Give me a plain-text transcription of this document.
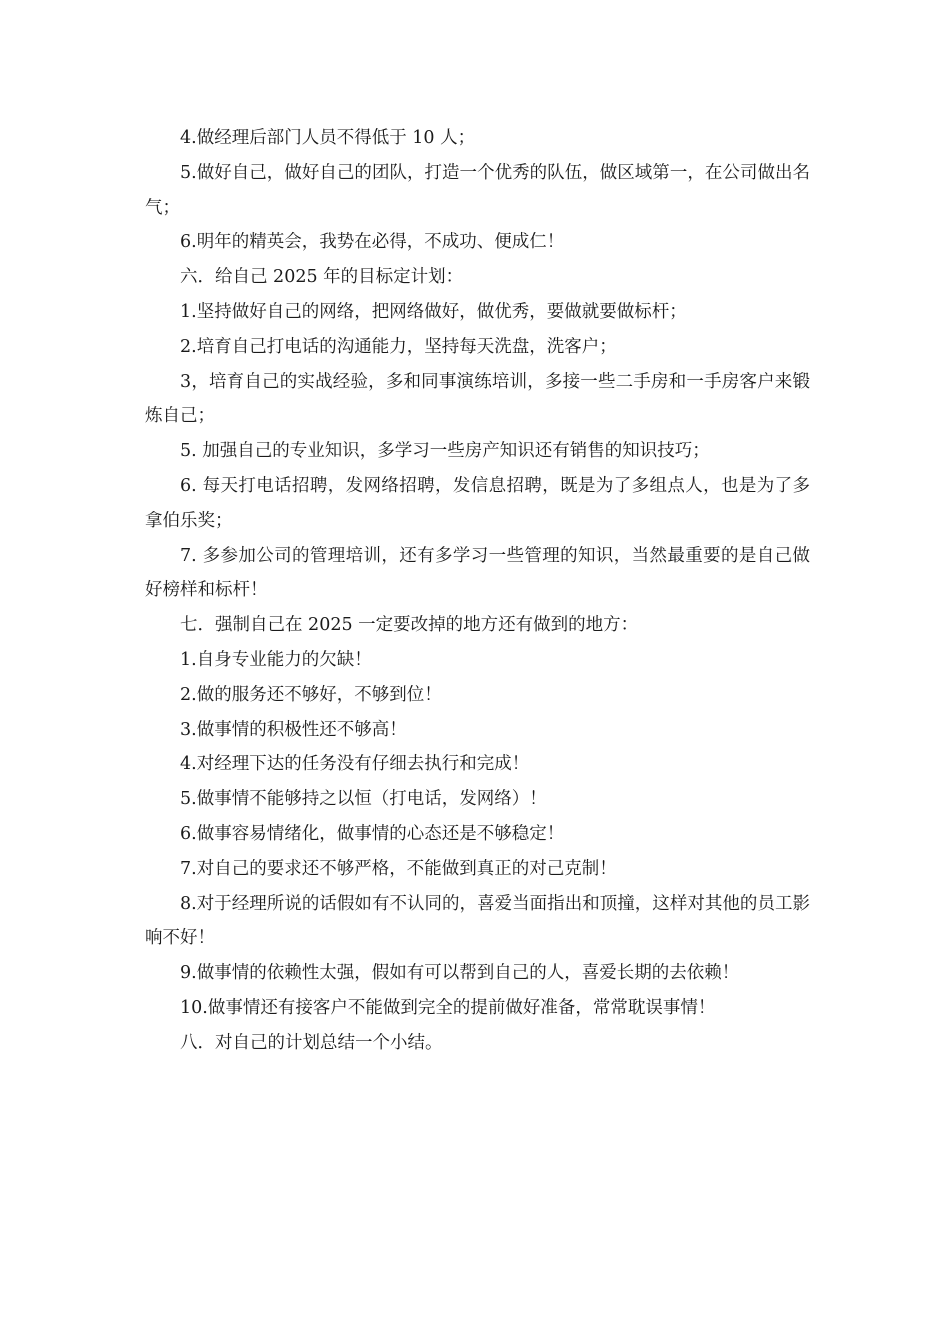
4.做经理后部门人员不得低于 10 人；

5.做好自己，做好自己的团队，打造一个优秀的队伍，做区域第一，在公司做出名气；

6.明年的精英会，我势在必得，不成功、便成仁！

六．给自己 2025 年的目标定计划：

1.坚持做好自己的网络，把网络做好，做优秀，要做就要做标杆；

2.培育自己打电话的沟通能力，坚持每天洗盘，洗客户；

3，培育自己的实战经验，多和同事演练培训，多接一些二手房和一手房客户来锻炼自己；

5. 加强自己的专业知识，多学习一些房产知识还有销售的知识技巧；

6. 每天打电话招聘，发网络招聘，发信息招聘，既是为了多组点人，也是为了多拿伯乐奖；

7. 多参加公司的管理培训，还有多学习一些管理的知识，当然最重要的是自己做好榜样和标杆！

七．强制自己在 2025 一定要改掉的地方还有做到的地方：

1.自身专业能力的欠缺！

2.做的服务还不够好，不够到位！

3.做事情的积极性还不够高！

4.对经理下达的任务没有仔细去执行和完成！

5.做事情不能够持之以恒（打电话，发网络）！

6.做事容易情绪化，做事情的心态还是不够稳定！

7.对自己的要求还不够严格，不能做到真正的对己克制！

8.对于经理所说的话假如有不认同的，喜爱当面指出和顶撞，这样对其他的员工影响不好！

9.做事情的依赖性太强，假如有可以帮到自己的人，喜爱长期的去依赖！

10.做事情还有接客户不能做到完全的提前做好准备，常常耽误事情！

八．对自己的计划总结一个小结。
